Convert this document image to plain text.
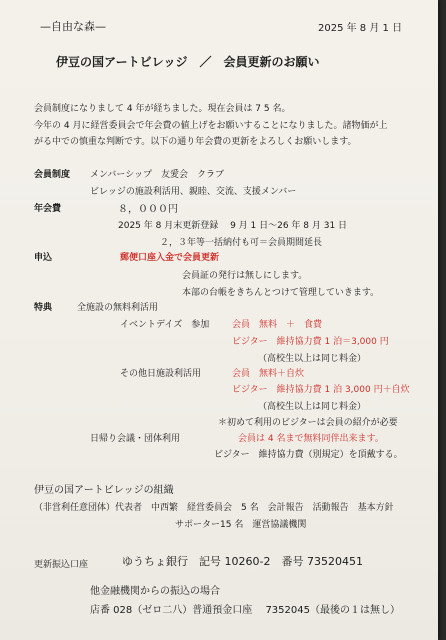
—自由な森—	2025 年 8 月 1 日
伊豆の国アートビレッジ　／　会員更新のお願い
会員制度になりまして 4 年が経ちました。現在会員は 7 5 名。
今年の 4 月に経営委員会で年会費の値上げをお願いすることになりました。諸物価が上
がる中での慎重な判断です。以下の通り年会費の更新をよろしくお願いします。
会員制度 メンバーシップ　友愛会　クラブ
ビレッジの施設利活用、親睦、交流、支援メンバー
年会費	８，０００円
2025 年 8 月末更新登録　 9 月 1 日～26 年 8 月 31 日
２，３年等一括納付も可＝会員期間延長
申込	郵便口座入金で会員更新
会員証の発行は無しにします。
本部の台帳をきちんとつけて管理していきます。
特典	全施設の無料利活用
イベントデイズ　参加	会員　無料　＋　食費
ビジター　維持協力費 1 泊＝3,000 円
（高校生以上は同じ料金）
その他日施設利活用	会員　無料＋自炊
ビジター　維持協力費 1 泊 3,000 円＋自炊
（高校生以上は同じ料金）
＊初めて利用のビジターは会員の紹介が必要
日帰り会議・団体利用	会員は 4 名まで無料同伴出来ます。
ビジター　維持協力費（別規定）を頂戴する。
伊豆の国アートビレッジの組織
（非営利任意団体）代表者　中西繁　経営委員会　5 名　会計報告　活動報告　基本方針
サポーター15 名　運営協議機関
更新振込口座	ゆうちょ銀行　記号 10260-2　番号 73520451
他金融機関からの振込の場合
店番 028（ゼロ二八）普通預金口座　 7352045（最後の１は無し）
